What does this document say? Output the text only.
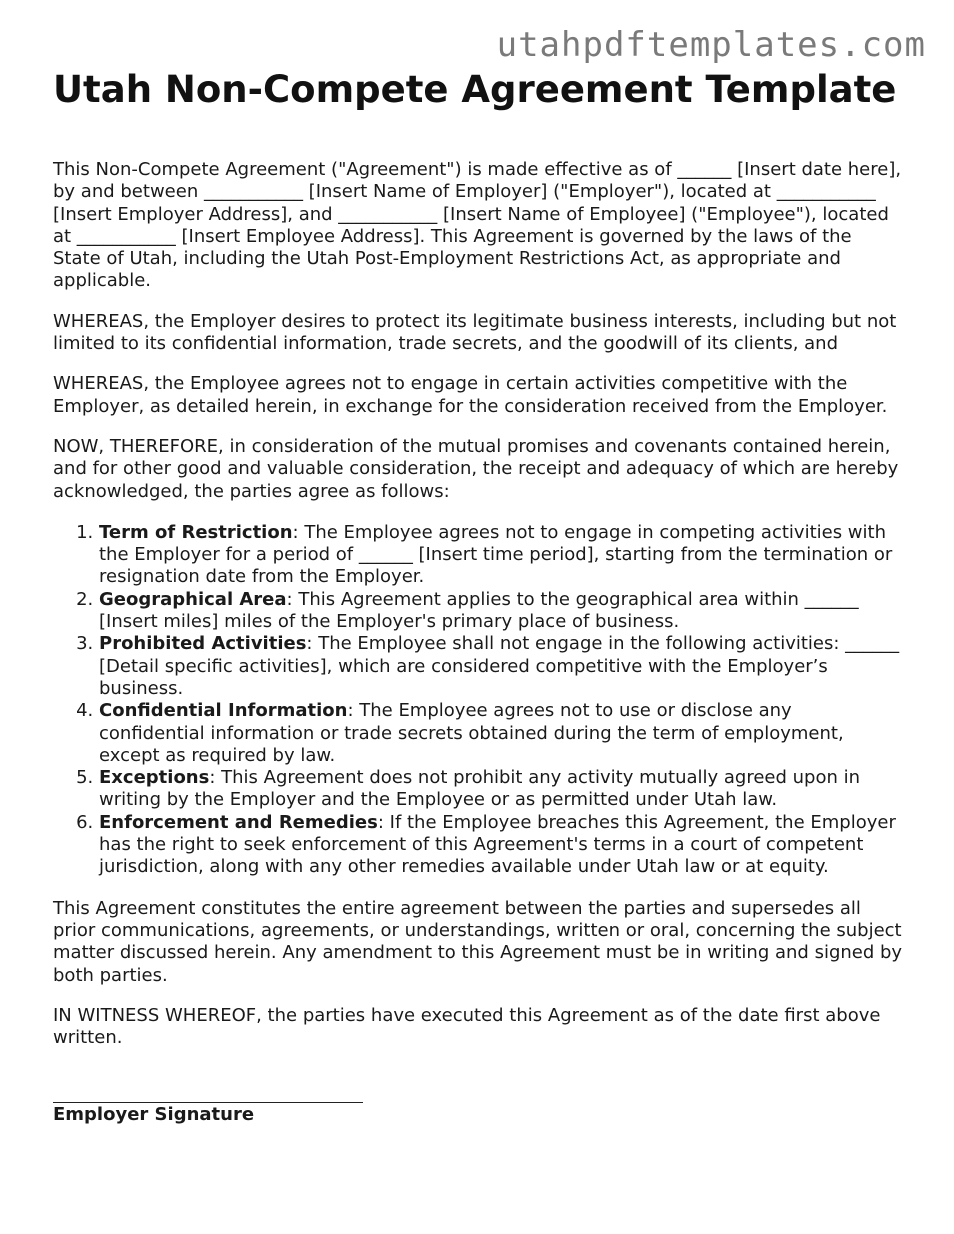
utahpdftemplates.com
Utah Non-Compete Agreement Template

This Non-Compete Agreement ("Agreement") is made effective as of ______ [Insert date here], by and between ___________ [Insert Name of Employer] ("Employer"), located at ___________ [Insert Employer Address], and ___________ [Insert Name of Employee] ("Employee"), located at ___________ [Insert Employee Address]. This Agreement is governed by the laws of the State of Utah, including the Utah Post-Employment Restrictions Act, as appropriate and applicable.

WHEREAS, the Employer desires to protect its legitimate business interests, including but not limited to its confidential information, trade secrets, and the goodwill of its clients, and

WHEREAS, the Employee agrees not to engage in certain activities competitive with the Employer, as detailed herein, in exchange for the consideration received from the Employer.

NOW, THEREFORE, in consideration of the mutual promises and covenants contained herein, and for other good and valuable consideration, the receipt and adequacy of which are hereby acknowledged, the parties agree as follows:

1. Term of Restriction: The Employee agrees not to engage in competing activities with the Employer for a period of ______ [Insert time period], starting from the termination or resignation date from the Employer.
2. Geographical Area: This Agreement applies to the geographical area within ______ [Insert miles] miles of the Employer's primary place of business.
3. Prohibited Activities: The Employee shall not engage in the following activities: ______ [Detail specific activities], which are considered competitive with the Employer’s business.
4. Confidential Information: The Employee agrees not to use or disclose any confidential information or trade secrets obtained during the term of employment, except as required by law.
5. Exceptions: This Agreement does not prohibit any activity mutually agreed upon in writing by the Employer and the Employee or as permitted under Utah law.
6. Enforcement and Remedies: If the Employee breaches this Agreement, the Employer has the right to seek enforcement of this Agreement's terms in a court of competent jurisdiction, along with any other remedies available under Utah law or at equity.

This Agreement constitutes the entire agreement between the parties and supersedes all prior communications, agreements, or understandings, written or oral, concerning the subject matter discussed herein. Any amendment to this Agreement must be in writing and signed by both parties.

IN WITNESS WHEREOF, the parties have executed this Agreement as of the date first above written.

Employer Signature
